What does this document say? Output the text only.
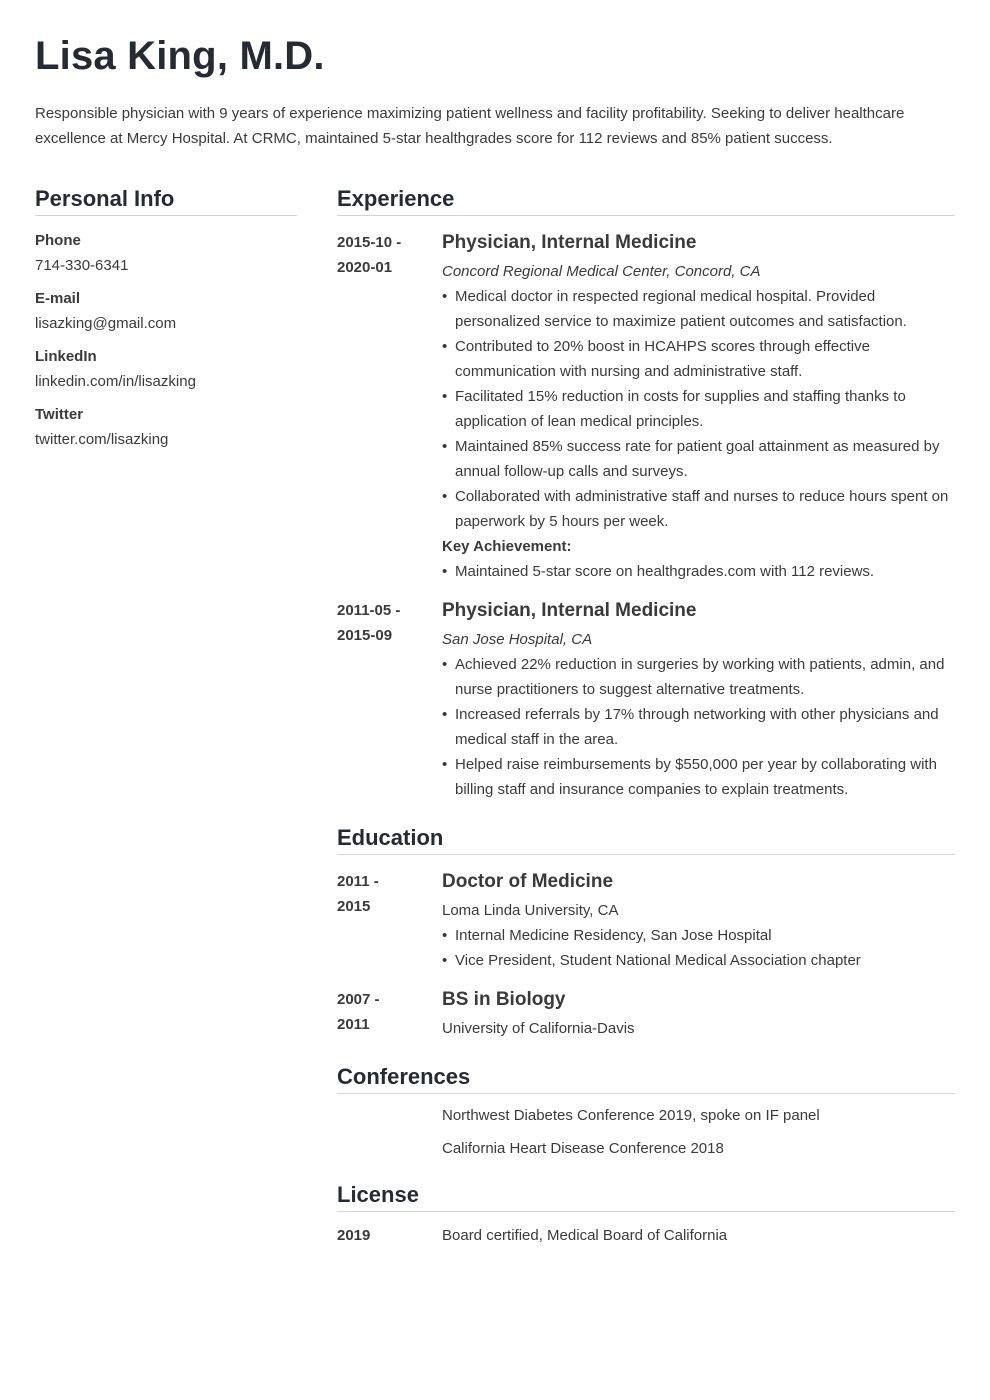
Lisa King, M.D.

Responsible physician with 9 years of experience maximizing patient wellness and facility profitability. Seeking to deliver healthcare excellence at Mercy Hospital. At CRMC, maintained 5-star healthgrades score for 112 reviews and 85% patient success.

Personal Info
Phone
714-330-6341
E-mail
lisazking@gmail.com
LinkedIn
linkedin.com/in/lisazking
Twitter
twitter.com/lisazking
Experience
2015-10 -
2020-01
Physician, Internal Medicine
Concord Regional Medical Center, Concord, CA
• Medical doctor in respected regional medical hospital. Provided personalized service to maximize patient outcomes and satisfaction.
• Contributed to 20% boost in HCAHPS scores through effective communication with nursing and administrative staff.
• Facilitated 15% reduction in costs for supplies and staffing thanks to application of lean medical principles.
• Maintained 85% success rate for patient goal attainment as measured by annual follow-up calls and surveys.
• Collaborated with administrative staff and nurses to reduce hours spent on paperwork by 5 hours per week.
Key Achievement:
• Maintained 5-star score on healthgrades.com with 112 reviews.
2011-05 -
2015-09
Physician, Internal Medicine
San Jose Hospital, CA
• Achieved 22% reduction in surgeries by working with patients, admin, and nurse practitioners to suggest alternative treatments.
• Increased referrals by 17% through networking with other physicians and medical staff in the area.
• Helped raise reimbursements by $550,000 per year by collaborating with billing staff and insurance companies to explain treatments.
Education
2011 -
2015
Doctor of Medicine
Loma Linda University, CA
• Internal Medicine Residency, San Jose Hospital
• Vice President, Student National Medical Association chapter
2007 -
2011
BS in Biology
University of California-Davis
Conferences
Northwest Diabetes Conference 2019, spoke on IF panel
California Heart Disease Conference 2018
License
2019	Board certified, Medical Board of California
